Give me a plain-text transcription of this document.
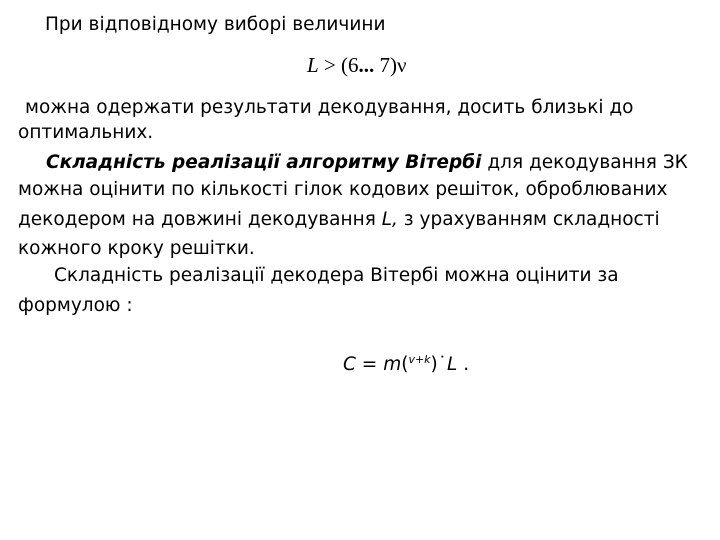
При відповідному виборі величини
L > (6... 7)ν
можна одержати результати декодування, досить близькі до
оптимальних.
Складність реалізації алгоритму Вітербі для декодування ЗК
можна оцінити по кількості гілок кодових решіток, оброблюваних
декодером на довжині декодування L, з урахуванням складності
кожного кроку решітки.
Складність реалізації декодера Вітербі можна оцінити за
формулою :
C = m($^{v+k}$)˙L .
